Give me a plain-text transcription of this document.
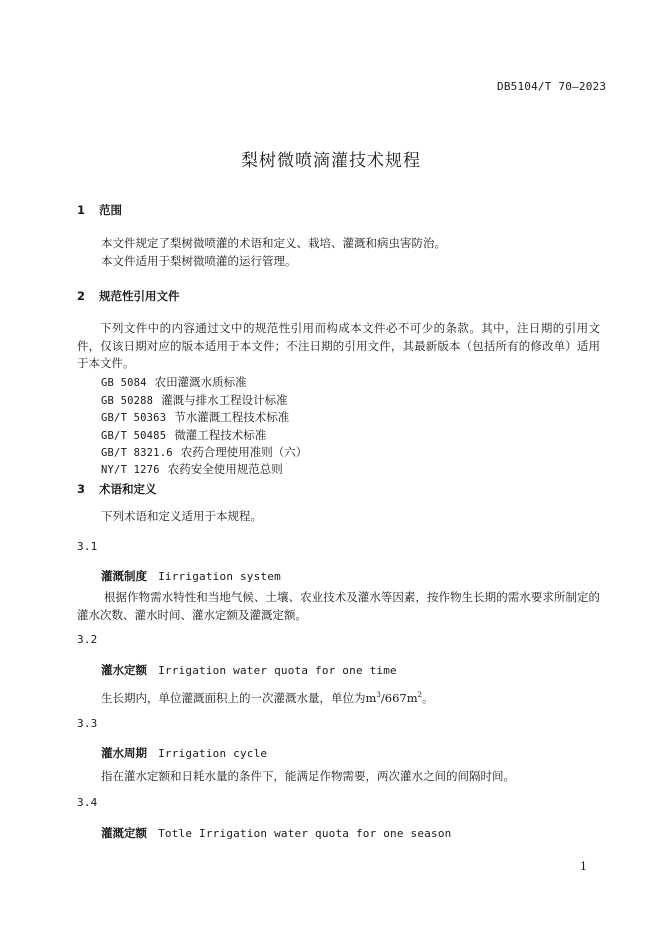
DB5104/T 70—2023
梨树微喷滴灌技术规程
1 范围
本文件规定了梨树微喷灌的术语和定义、栽培、灌溉和病虫害防治。
本文件适用于梨树微喷灌的运行管理。
2 规范性引用文件
下列文件中的内容通过文中的规范性引用而构成本文件必不可少的条款。其中，注日期的引用文件，仅该日期对应的版本适用于本文件；不注日期的引用文件，其最新版本（包括所有的修改单）适用于本文件。
GB 5084 农田灌溉水质标准
GB 50288 灌溉与排水工程设计标准
GB/T 50363 节水灌溉工程技术标准
GB/T 50485 微灌工程技术标准
GB/T 8321.6 农药合理使用准则（六）
NY/T 1276 农药安全使用规范总则
3 术语和定义
下列术语和定义适用于本规程。
3.1
灌溉制度 Iirrigation system
根据作物需水特性和当地气候、土壤、农业技术及灌水等因素，按作物生长期的需水要求所制定的灌水次数、灌水时间、灌水定额及灌溉定额。
3.2
灌水定额 Irrigation water quota for one time
生长期内，单位灌溉面积上的一次灌溉水量，单位为$m^3/667m^2$。
3.3
灌水周期 Irrigation cycle
指在灌水定额和日耗水量的条件下，能满足作物需要，两次灌水之间的间隔时间。
3.4
灌溉定额 Totle Irrigation water quota for one season
1
